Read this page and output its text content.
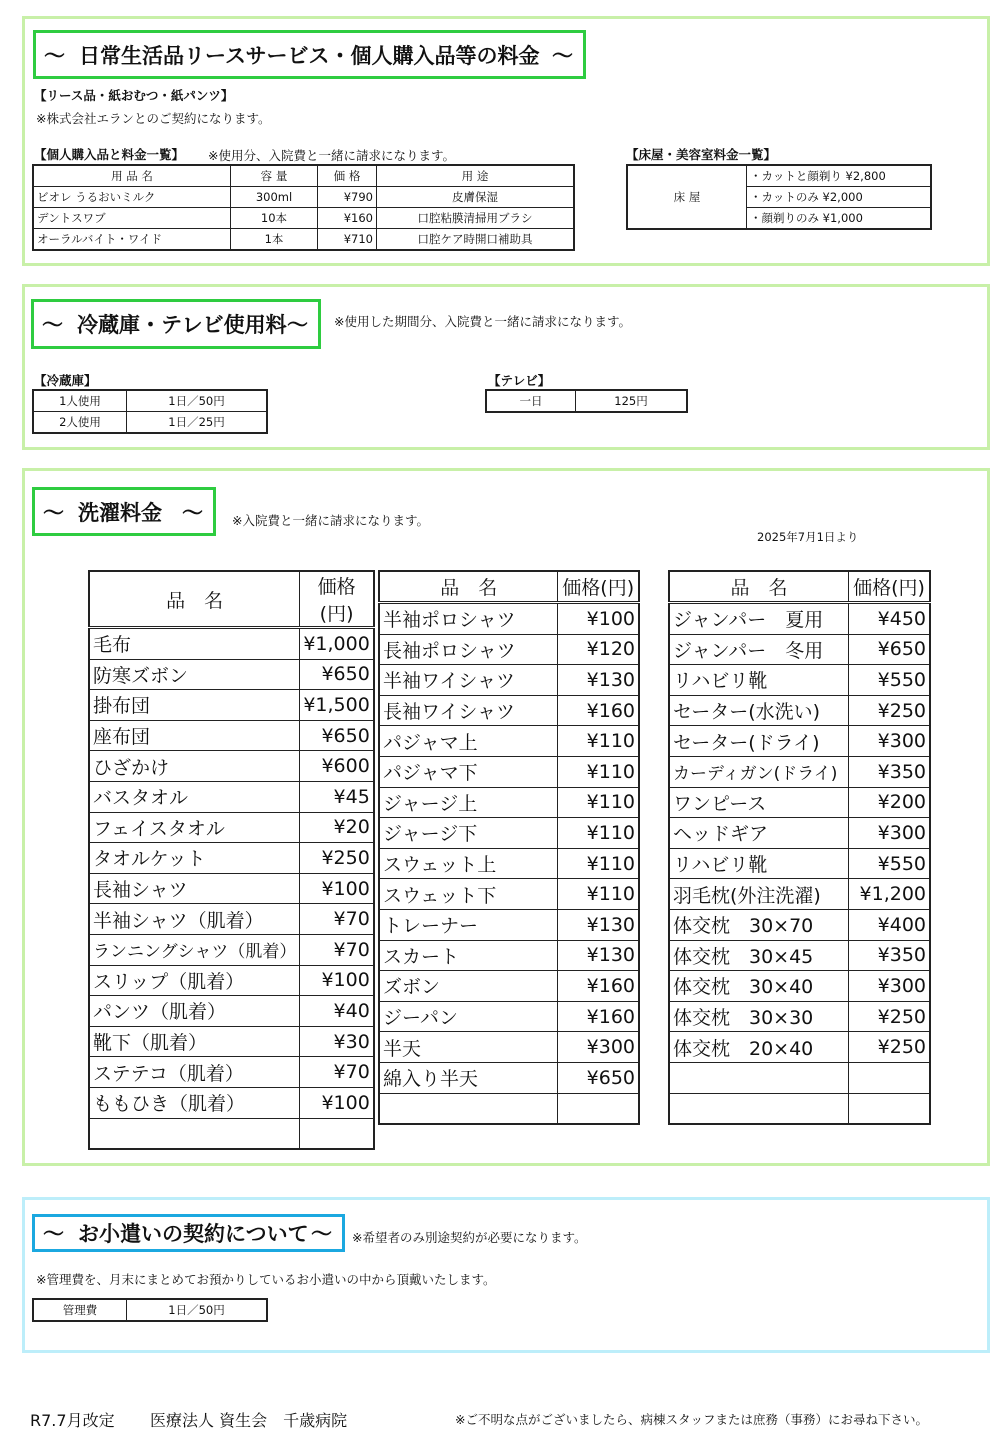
～ 日常生活品リースサービス・個人購入品等の料金 ～
【リース品・紙おむつ・紙パンツ】
※株式会社エランとのご契約になります。
【個人購入品と料金一覧】 ※使用分、入院費と一緒に請求になります。
用 品 名	容 量	価 格	用 途
ビオレ うるおいミルク	300ml	¥790	皮膚保湿
デントスワブ	10本	¥160	口腔粘膜清掃用ブラシ
オーラルバイト・ワイド	1本	¥710	口腔ケア時開口補助具
【床屋・美容室料金一覧】
床 屋	・カットと顔剃り ¥2,800
・カットのみ ¥2,000
・顔剃りのみ ¥1,000
～ 冷蔵庫・テレビ使用料 ～ ※使用した期間分、入院費と一緒に請求になります。
【冷蔵庫】
1人使用	1日／50円
2人使用	1日／25円
【テレビ】
一日	125円
～ 洗濯料金 ～ ※入院費と一緒に請求になります。
2025年7月1日より
品　名	価格(円)
毛布	¥1,000
防寒ズボン	¥650
掛布団	¥1,500
座布団	¥650
ひざかけ	¥600
バスタオル	¥45
フェイスタオル	¥20
タオルケット	¥250
長袖シャツ	¥100
半袖シャツ（肌着）	¥70
ランニングシャツ（肌着）	¥70
スリップ（肌着）	¥100
パンツ（肌着）	¥40
靴下（肌着）	¥30
ステテコ（肌着）	¥70
ももひき（肌着）	¥100

品　名	価格(円)
半袖ポロシャツ	¥100
長袖ポロシャツ	¥120
半袖ワイシャツ	¥130
長袖ワイシャツ	¥160
パジャマ上	¥110
パジャマ下	¥110
ジャージ上	¥110
ジャージ下	¥110
スウェット上	¥110
スウェット下	¥110
トレーナー	¥130
スカート	¥130
ズボン	¥160
ジーパン	¥160
半天	¥300
綿入り半天	¥650

品　名	価格(円)
ジャンパー　夏用	¥450
ジャンパー　冬用	¥650
リハビリ靴	¥550
セーター(水洗い)	¥250
セーター(ドライ)	¥300
カーディガン(ドライ)	¥350
ワンピース	¥200
ヘッドギア	¥300
リハビリ靴	¥550
羽毛枕(外注洗濯)	¥1,200
体交枕　30×70	¥400
体交枕　30×45	¥350
体交枕　30×40	¥300
体交枕　30×30	¥250
体交枕　20×40	¥250

～ お小遣いの契約について ～ ※希望者のみ別途契約が必要になります。
※管理費を、月末にまとめてお預かりしているお小遣いの中から頂戴いたします。
管理費	1日／50円
R7.7月改定 医療法人 資生会　千歳病院	※ご不明な点がございましたら、病棟スタッフまたは庶務（事務）にお尋ね下さい。
